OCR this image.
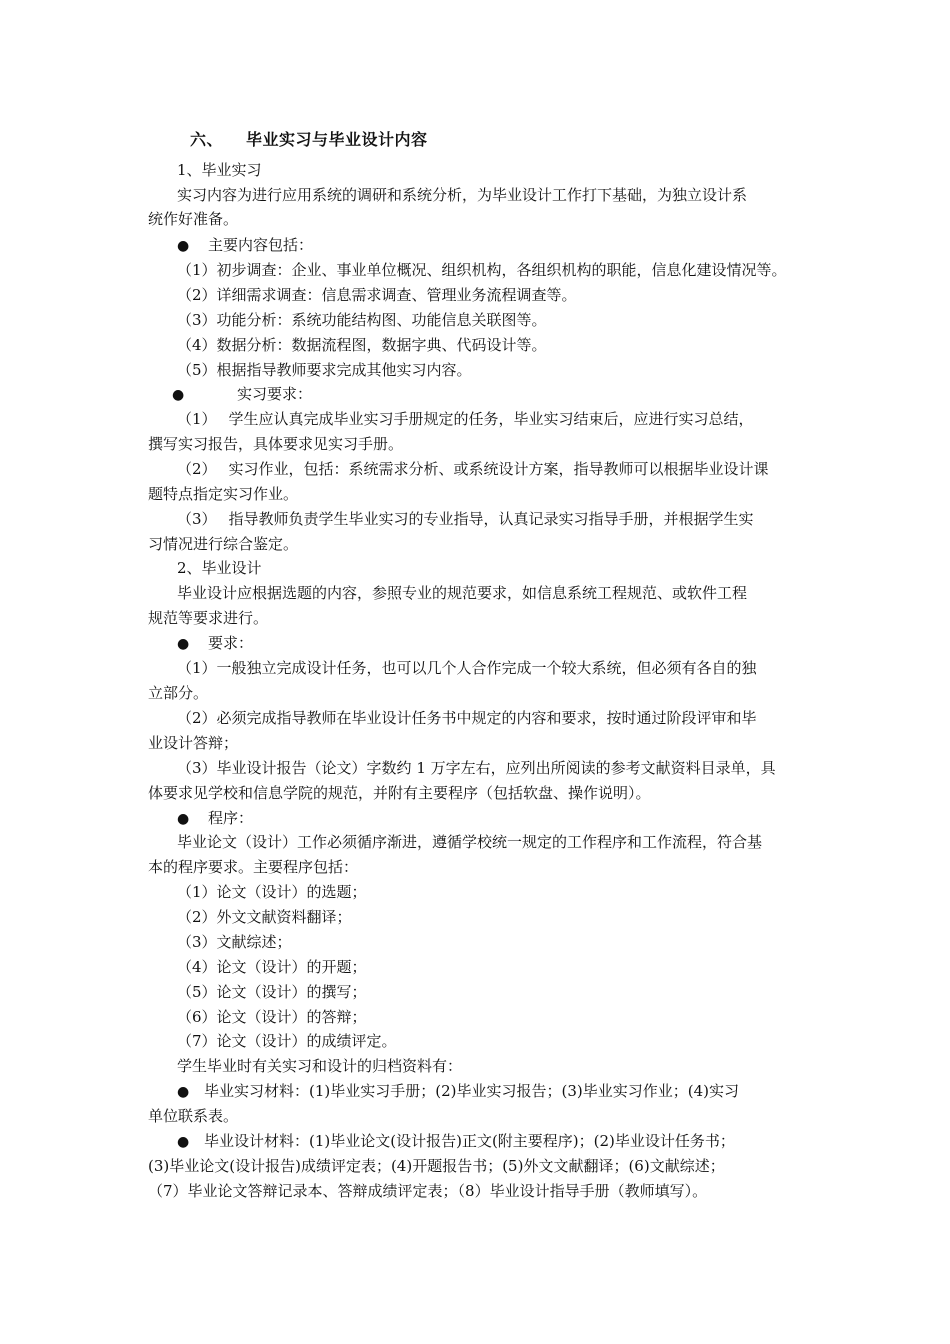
六、 毕业实习与毕业设计内容
1、毕业实习
实习内容为进行应用系统的调研和系统分析，为毕业设计工作打下基础，为独立设计系
统作好准备。
● 主要内容包括：
（1）初步调查：企业、事业单位概况、组织机构，各组织机构的职能，信息化建设情况等。
（2）详细需求调查：信息需求调查、管理业务流程调查等。
（3）功能分析：系统功能结构图、功能信息关联图等。
（4）数据分析：数据流程图，数据字典、代码设计等。
（5）根据指导教师要求完成其他实习内容。
●	实习要求：
（1） 学生应认真完成毕业实习手册规定的任务，毕业实习结束后，应进行实习总结，
撰写实习报告，具体要求见实习手册。
（2） 实习作业，包括：系统需求分析、或系统设计方案，指导教师可以根据毕业设计课
题特点指定实习作业。
（3） 指导教师负责学生毕业实习的专业指导，认真记录实习指导手册，并根据学生实
习情况进行综合鉴定。
2、毕业设计
毕业设计应根据选题的内容，参照专业的规范要求，如信息系统工程规范、或软件工程
规范等要求进行。
● 要求：
（1）一般独立完成设计任务，也可以几个人合作完成一个较大系统，但必须有各自的独
立部分。
（2）必须完成指导教师在毕业设计任务书中规定的内容和要求，按时通过阶段评审和毕
业设计答辩；
（3）毕业设计报告（论文）字数约 1 万字左右，应列出所阅读的参考文献资料目录单，具
体要求见学校和信息学院的规范，并附有主要程序（包括软盘、操作说明）。
● 程序：
毕业论文（设计）工作必须循序渐进，遵循学校统一规定的工作程序和工作流程，符合基
本的程序要求。主要程序包括：
（1）论文（设计）的选题；
（2）外文文献资料翻译；
（3）文献综述；
（4）论文（设计）的开题；
（5）论文（设计）的撰写；
（6）论文（设计）的答辩；
（7）论文（设计）的成绩评定。
学生毕业时有关实习和设计的归档资料有：
● 毕业实习材料：(1)毕业实习手册；(2)毕业实习报告；(3)毕业实习作业；(4)实习
单位联系表。
● 毕业设计材料：(1)毕业论文(设计报告)正文(附主要程序)；(2)毕业设计任务书；
(3)毕业论文(设计报告)成绩评定表；(4)开题报告书；(5)外文文献翻译；(6)文献综述；
（7）毕业论文答辩记录本、答辩成绩评定表；（8）毕业设计指导手册（教师填写）。
